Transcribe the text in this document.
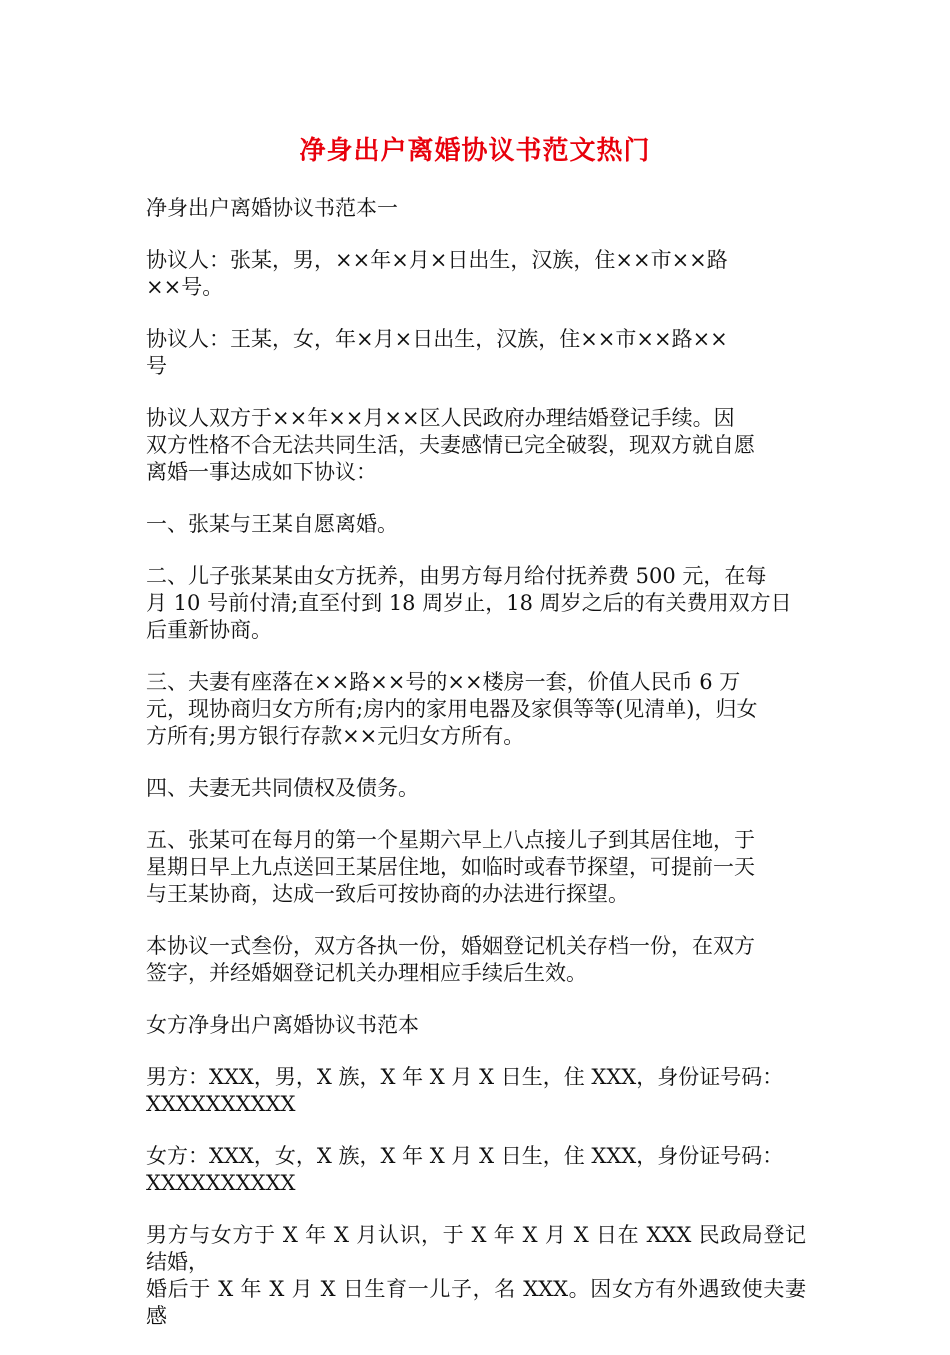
净身出户离婚协议书范文热门

净身出户离婚协议书范本一

协议人：张某，男，××年×月×日出生，汉族，住××市××路
××号。

协议人：王某，女，年×月×日出生，汉族，住××市××路××
号

协议人双方于××年××月××区人民政府办理结婚登记手续。因
双方性格不合无法共同生活，夫妻感情已完全破裂，现双方就自愿
离婚一事达成如下协议：

一、张某与王某自愿离婚。

二、儿子张某某由女方抚养，由男方每月给付抚养费 500 元，在每
月 10 号前付清;直至付到 18 周岁止，18 周岁之后的有关费用双方日
后重新协商。

三、夫妻有座落在××路××号的××楼房一套，价值人民币 6 万
元，现协商归女方所有;房内的家用电器及家俱等等(见清单)，归女
方所有;男方银行存款××元归女方所有。

四、夫妻无共同债权及债务。

五、张某可在每月的第一个星期六早上八点接儿子到其居住地，于
星期日早上九点送回王某居住地，如临时或春节探望，可提前一天
与王某协商，达成一致后可按协商的办法进行探望。

本协议一式叁份，双方各执一份，婚姻登记机关存档一份，在双方
签字，并经婚姻登记机关办理相应手续后生效。

女方净身出户离婚协议书范本

男方：XXX，男，X 族，X 年 X 月 X 日生，住 XXX，身份证号码：
XXXXXXXXXX

女方：XXX，女，X 族，X 年 X 月 X 日生，住 XXX，身份证号码：
XXXXXXXXXX

男方与女方于 X 年 X 月认识，于 X 年 X 月 X 日在 XXX 民政局登记结婚，
婚后于 X 年 X 月 X 日生育一儿子，名 XXX。因女方有外遇致使夫妻感
